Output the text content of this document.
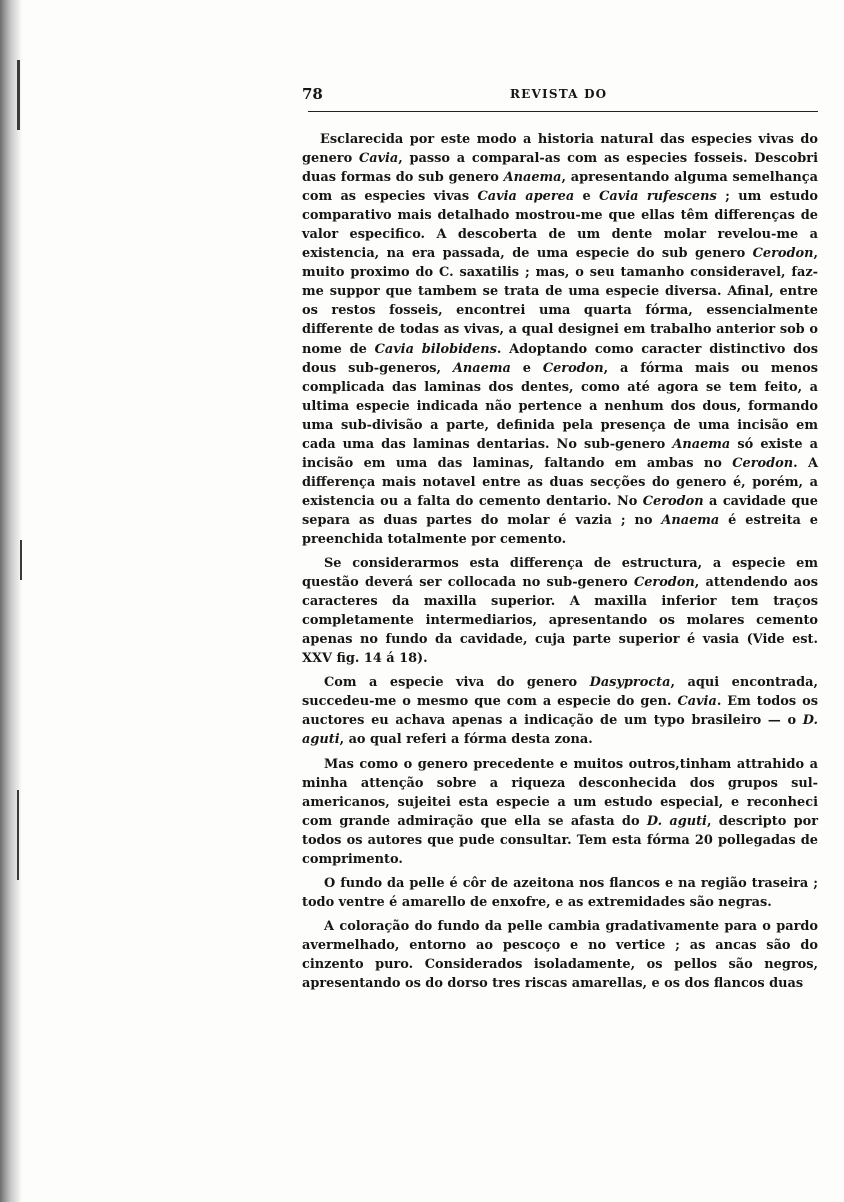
78	REVISTA DO

Esclarecida por este modo a historia natural das especies vivas do genero Cavia, passo a comparal-as com as especies fosseis. Descobri duas formas do sub genero Anaema, apresentando alguma semelhança com as especies vivas Cavia aperea e Cavia rufescens ; um estudo comparativo mais detalhado mostrou-me que ellas têm differenças de valor especifico. A descoberta de um dente molar revelou-me a existencia, na era passada, de uma especie do sub genero Cerodon, muito proximo do C. saxatilis ; mas, o seu tamanho consideravel, faz-me suppor que tambem se trata de uma especie diversa. Afinal, entre os restos fosseis, encontrei uma quarta fórma, essencialmente differente de todas as vivas, a qual designei em trabalho anterior sob o nome de Cavia bilobidens. Adoptando como caracter distinctivo dos dous sub-generos, Anaema e Cerodon, a fórma mais ou menos complicada das laminas dos dentes, como até agora se tem feito, a ultima especie indicada não pertence a nenhum dos dous, formando uma sub-divisão a parte, definida pela presença de uma incisão em cada uma das laminas dentarias. No sub-genero Anaema só existe a incisão em uma das laminas, faltando em ambas no Cerodon. A differença mais notavel entre as duas secções do genero é, porém, a existencia ou a falta do cemento dentario. No Cerodon a cavidade que separa as duas partes do molar é vazia ; no Anaema é estreita e preenchida totalmente por cemento.

Se considerarmos esta differença de estructura, a especie em questão deverá ser collocada no sub-genero Cerodon, attendendo aos caracteres da maxilla superior. A maxilla inferior tem traços completamente intermediarios, apresentando os molares cemento apenas no fundo da cavidade, cuja parte superior é vasia (Vide est. XXV fig. 14 á 18).

Com a especie viva do genero Dasyprocta, aqui encontrada, succedeu-me o mesmo que com a especie do gen. Cavia. Em todos os auctores eu achava apenas a indicação de um typo brasileiro — o D. aguti, ao qual referi a fórma desta zona.

Mas como o genero precedente e muitos outros,tinham attrahido a minha attenção sobre a riqueza desconhecida dos grupos sul-americanos, sujeitei esta especie a um estudo especial, e reconheci com grande admiração que ella se afasta do D. aguti, descripto por todos os autores que pude consultar. Tem esta fórma 20 pollegadas de comprimento.

O fundo da pelle é côr de azeitona nos flancos e na região traseira ; todo ventre é amarello de enxofre, e as extremidades são negras.

A coloração do fundo da pelle cambia gradativamente para o pardo avermelhado, entorno ao pescoço e no vertice ; as ancas são do cinzento puro. Considerados isoladamente, os pellos são negros, apresentando os do dorso tres riscas amarellas, e os dos flancos duas
